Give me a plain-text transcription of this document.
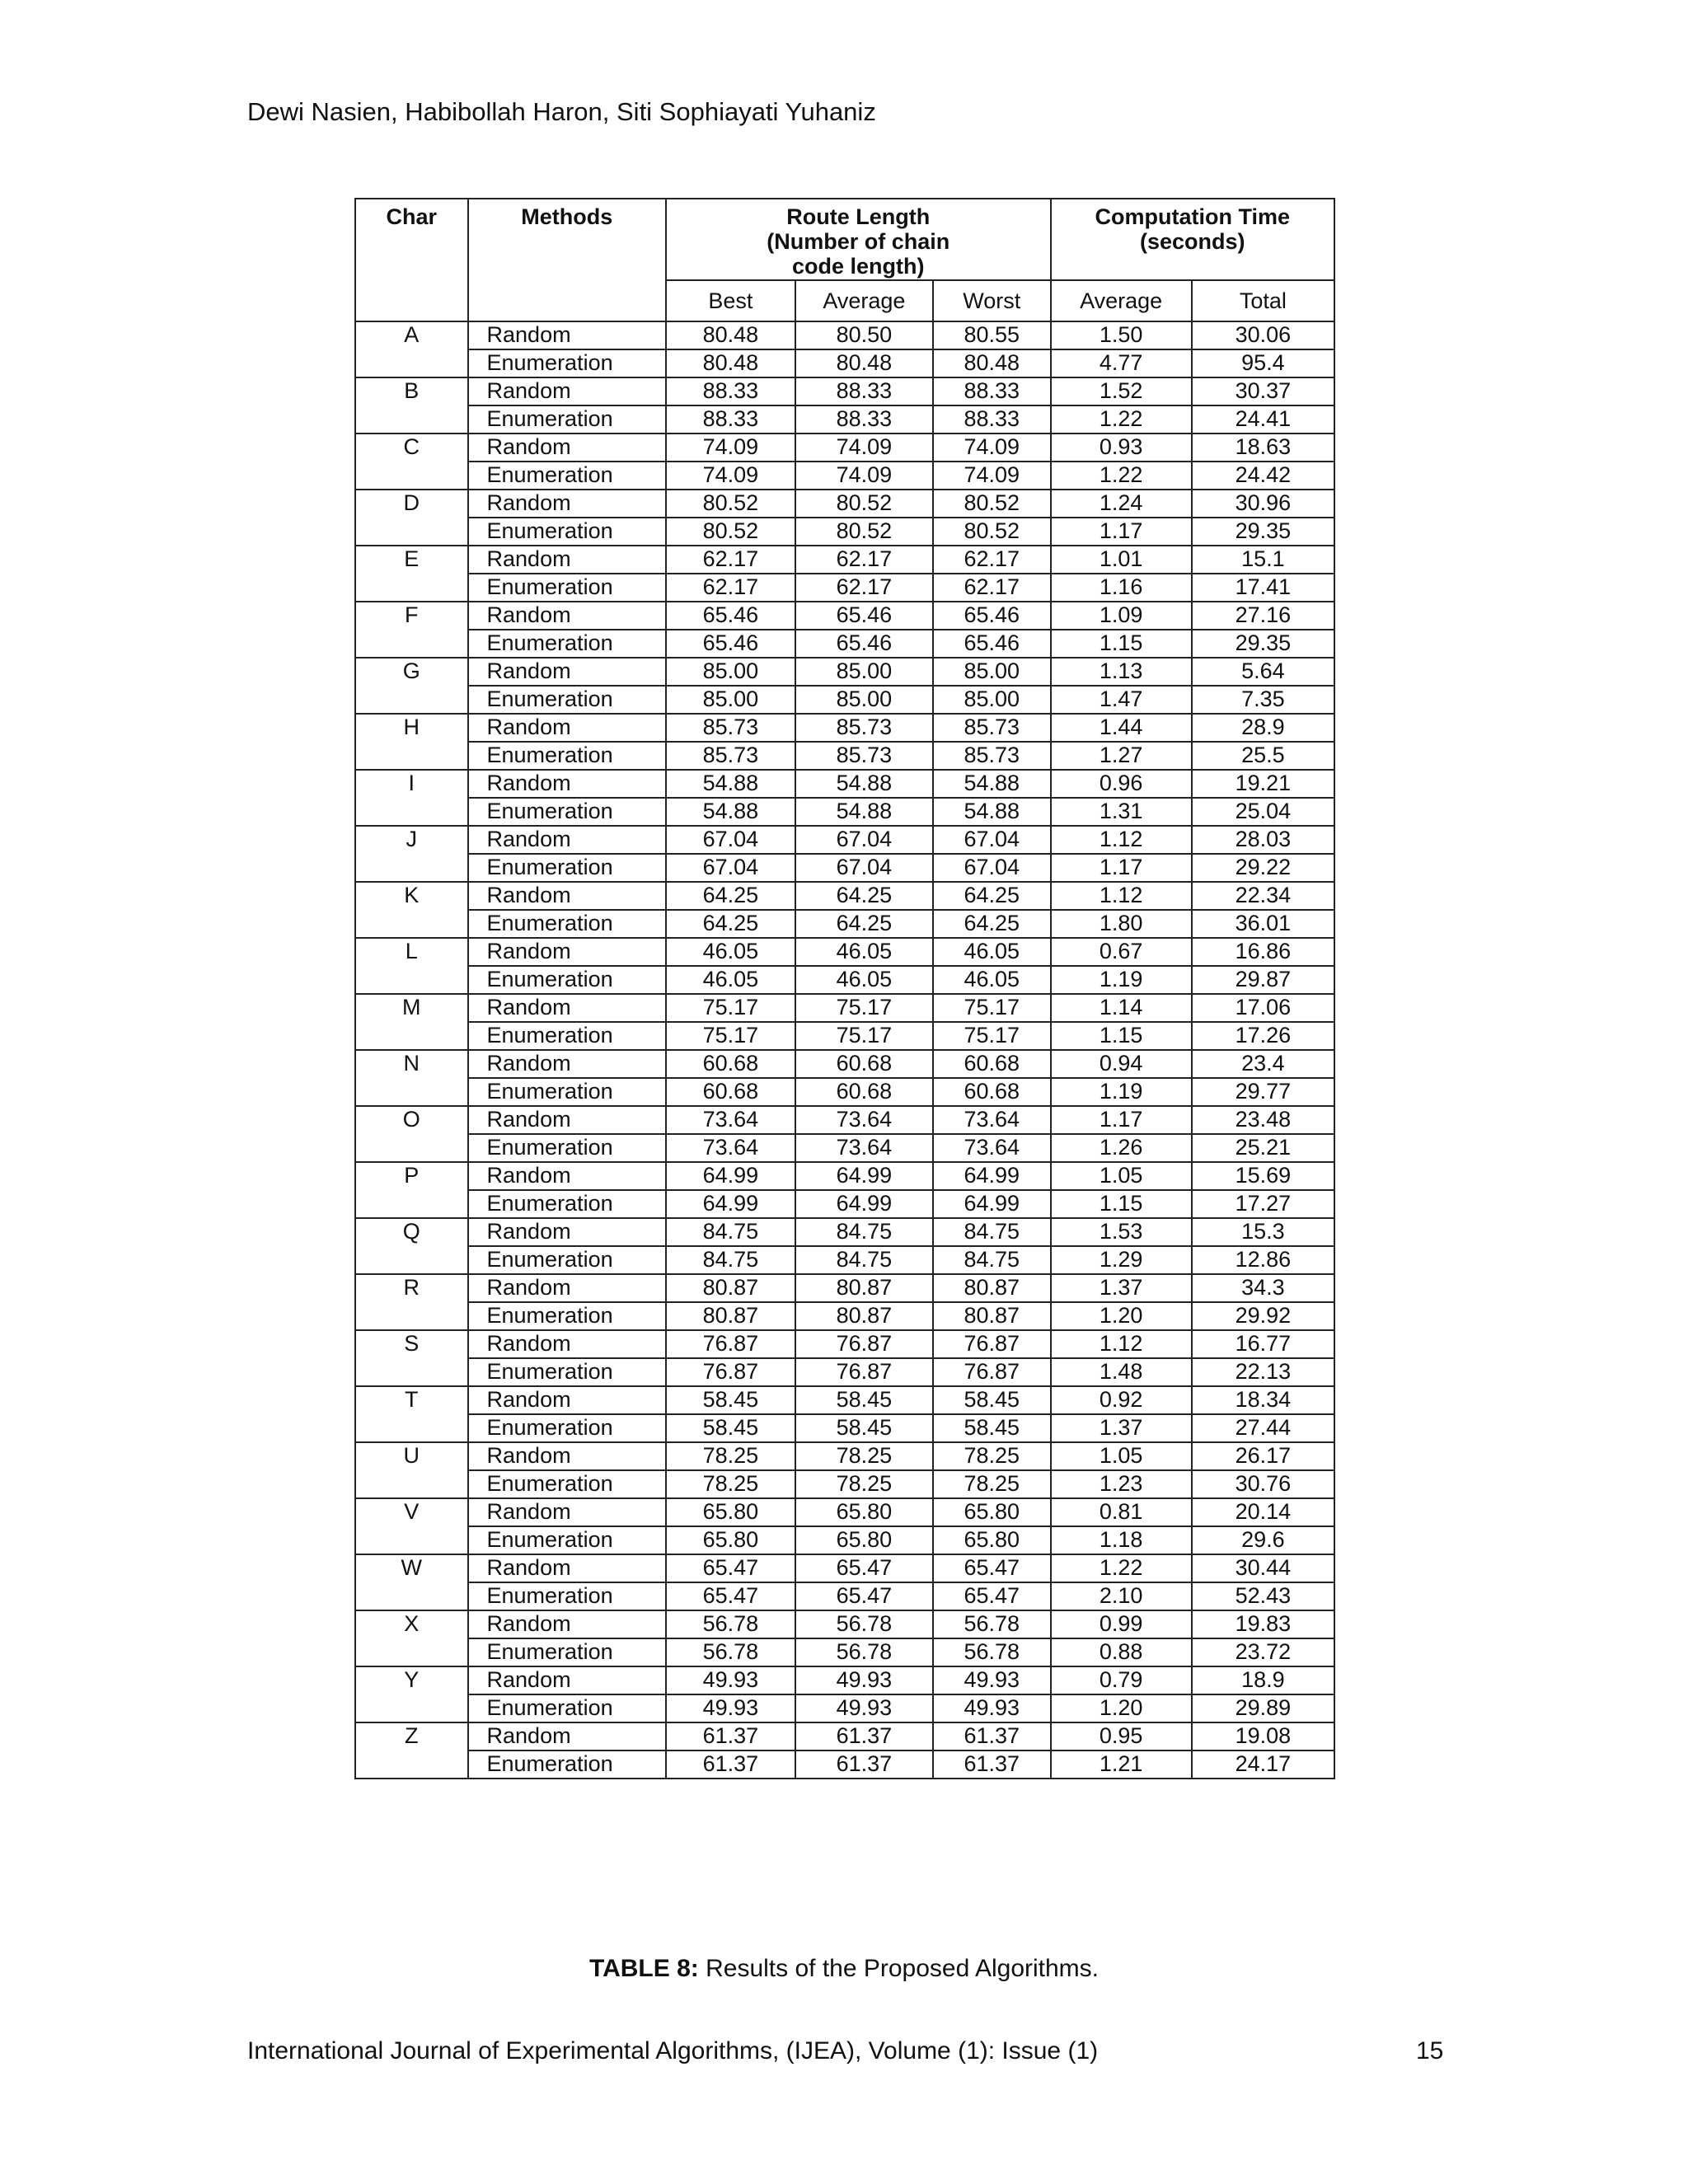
Dewi Nasien, Habibollah Haron, Siti Sophiayati Yuhaniz
Char	Methods	Route Length (Number of chain code length)			Computation Time (seconds)	

		Best	Average	Worst	Average	Total
A	Random	80.48	80.50	80.55	1.50	30.06
	Enumeration	80.48	80.48	80.48	4.77	95.4
B	Random	88.33	88.33	88.33	1.52	30.37
	Enumeration	88.33	88.33	88.33	1.22	24.41
C	Random	74.09	74.09	74.09	0.93	18.63
	Enumeration	74.09	74.09	74.09	1.22	24.42
D	Random	80.52	80.52	80.52	1.24	30.96
	Enumeration	80.52	80.52	80.52	1.17	29.35
E	Random	62.17	62.17	62.17	1.01	15.1
	Enumeration	62.17	62.17	62.17	1.16	17.41
F	Random	65.46	65.46	65.46	1.09	27.16
	Enumeration	65.46	65.46	65.46	1.15	29.35
G	Random	85.00	85.00	85.00	1.13	5.64
	Enumeration	85.00	85.00	85.00	1.47	7.35
H	Random	85.73	85.73	85.73	1.44	28.9
	Enumeration	85.73	85.73	85.73	1.27	25.5
I	Random	54.88	54.88	54.88	0.96	19.21
	Enumeration	54.88	54.88	54.88	1.31	25.04
J	Random	67.04	67.04	67.04	1.12	28.03
	Enumeration	67.04	67.04	67.04	1.17	29.22
K	Random	64.25	64.25	64.25	1.12	22.34
	Enumeration	64.25	64.25	64.25	1.80	36.01
L	Random	46.05	46.05	46.05	0.67	16.86
	Enumeration	46.05	46.05	46.05	1.19	29.87
M	Random	75.17	75.17	75.17	1.14	17.06
	Enumeration	75.17	75.17	75.17	1.15	17.26
N	Random	60.68	60.68	60.68	0.94	23.4
	Enumeration	60.68	60.68	60.68	1.19	29.77
O	Random	73.64	73.64	73.64	1.17	23.48
	Enumeration	73.64	73.64	73.64	1.26	25.21
P	Random	64.99	64.99	64.99	1.05	15.69
	Enumeration	64.99	64.99	64.99	1.15	17.27
Q	Random	84.75	84.75	84.75	1.53	15.3
	Enumeration	84.75	84.75	84.75	1.29	12.86
R	Random	80.87	80.87	80.87	1.37	34.3
	Enumeration	80.87	80.87	80.87	1.20	29.92
S	Random	76.87	76.87	76.87	1.12	16.77
	Enumeration	76.87	76.87	76.87	1.48	22.13
T	Random	58.45	58.45	58.45	0.92	18.34
	Enumeration	58.45	58.45	58.45	1.37	27.44
U	Random	78.25	78.25	78.25	1.05	26.17
	Enumeration	78.25	78.25	78.25	1.23	30.76
V	Random	65.80	65.80	65.80	0.81	20.14
	Enumeration	65.80	65.80	65.80	1.18	29.6
W	Random	65.47	65.47	65.47	1.22	30.44
	Enumeration	65.47	65.47	65.47	2.10	52.43
X	Random	56.78	56.78	56.78	0.99	19.83
	Enumeration	56.78	56.78	56.78	0.88	23.72
Y	Random	49.93	49.93	49.93	0.79	18.9
	Enumeration	49.93	49.93	49.93	1.20	29.89
Z	Random	61.37	61.37	61.37	0.95	19.08
	Enumeration	61.37	61.37	61.37	1.21	24.17
TABLE 8: Results of the Proposed Algorithms.
International Journal of Experimental Algorithms, (IJEA), Volume (1): Issue (1)	15
